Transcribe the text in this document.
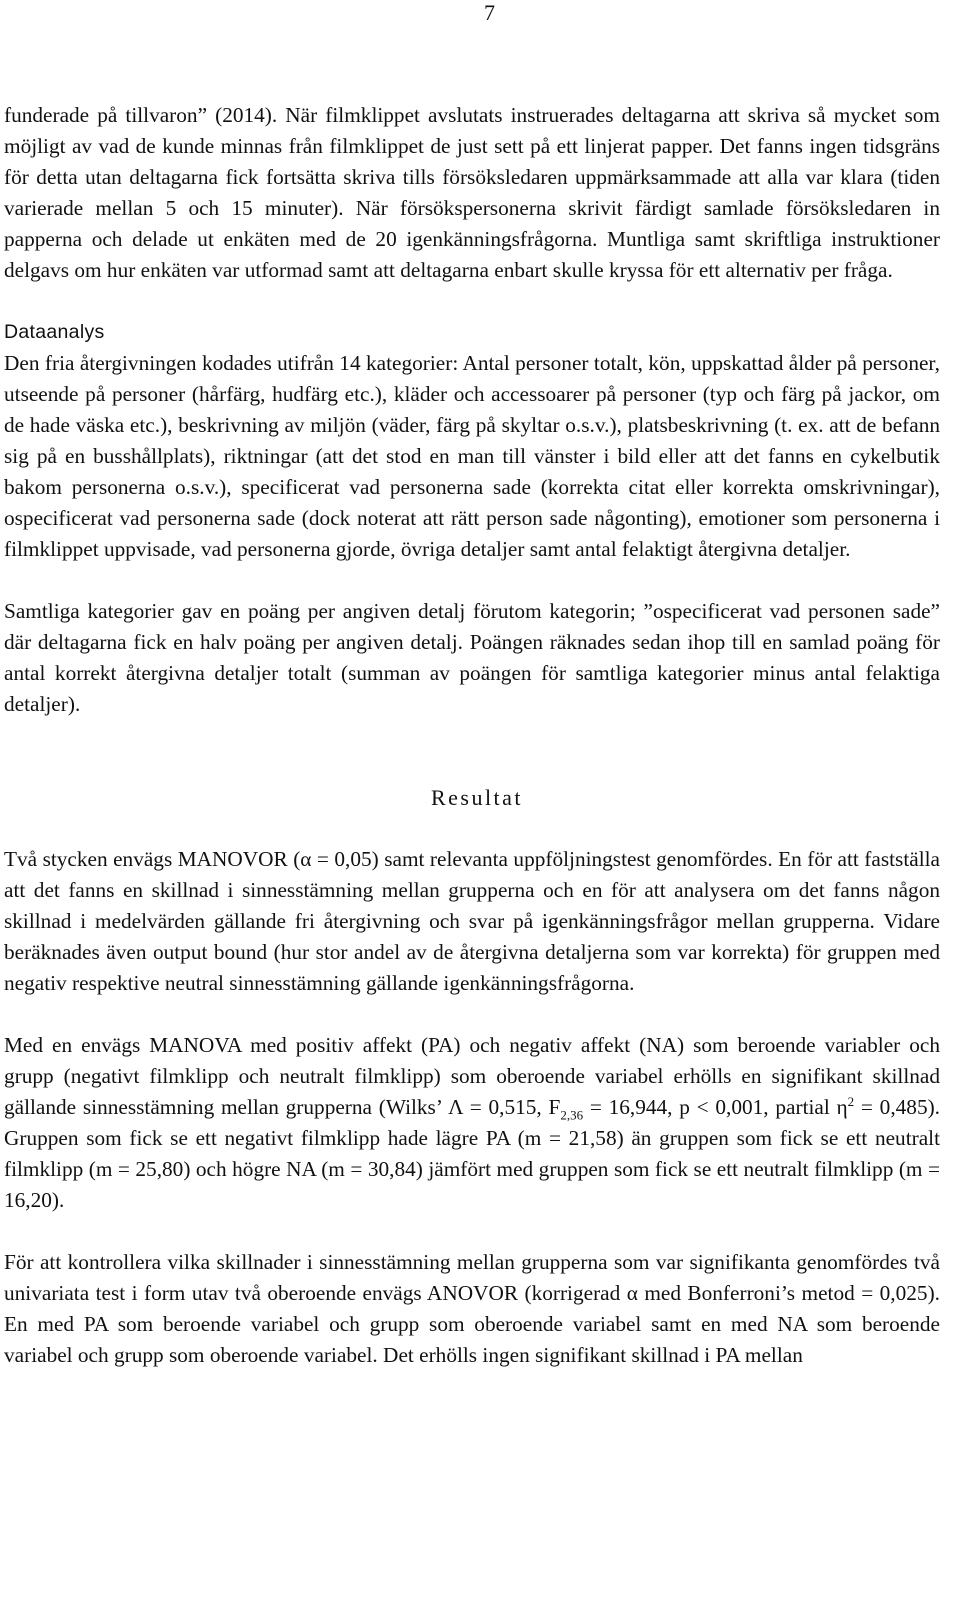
7

funderade på tillvaron” (2014). När filmklippet avslutats instruerades deltagarna att skriva så mycket som möjligt av vad de kunde minnas från filmklippet de just sett på ett linjerat papper. Det fanns ingen tidsgräns för detta utan deltagarna fick fortsätta skriva tills försöksledaren uppmärksammade att alla var klara (tiden varierade mellan 5 och 15 minuter). När försökspersonerna skrivit färdigt samlade försöksledaren in papperna och delade ut enkäten med de 20 igenkänningsfrågorna. Muntliga samt skriftliga instruktioner delgavs om hur enkäten var utformad samt att deltagarna enbart skulle kryssa för ett alternativ per fråga.

Dataanalys

Den fria återgivningen kodades utifrån 14 kategorier: Antal personer totalt, kön, uppskattad ålder på personer, utseende på personer (hårfärg, hudfärg etc.), kläder och accessoarer på personer (typ och färg på jackor, om de hade väska etc.), beskrivning av miljön (väder, färg på skyltar o.s.v.), platsbeskrivning (t. ex. att de befann sig på en busshållplats), riktningar (att det stod en man till vänster i bild eller att det fanns en cykelbutik bakom personerna o.s.v.), specificerat vad personerna sade (korrekta citat eller korrekta omskrivningar), ospecificerat vad personerna sade (dock noterat att rätt person sade någonting), emotioner som personerna i filmklippet uppvisade, vad personerna gjorde, övriga detaljer samt antal felaktigt återgivna detaljer.

Samtliga kategorier gav en poäng per angiven detalj förutom kategorin; ”ospecificerat vad personen sade” där deltagarna fick en halv poäng per angiven detalj. Poängen räknades sedan ihop till en samlad poäng för antal korrekt återgivna detaljer totalt (summan av poängen för samtliga kategorier minus antal felaktiga detaljer).

Resultat

Två stycken envägs MANOVOR (α = 0,05) samt relevanta uppföljningstest genomfördes. En för att fastställa att det fanns en skillnad i sinnesstämning mellan grupperna och en för att analysera om det fanns någon skillnad i medelvärden gällande fri återgivning och svar på igenkänningsfrågor mellan grupperna. Vidare beräknades även output bound (hur stor andel av de återgivna detaljerna som var korrekta) för gruppen med negativ respektive neutral sinnesstämning gällande igenkänningsfrågorna.

Med en envägs MANOVA med positiv affekt (PA) och negativ affekt (NA) som beroende variabler och grupp (negativt filmklipp och neutralt filmklipp) som oberoende variabel erhölls en signifikant skillnad gällande sinnesstämning mellan grupperna (Wilks’ Λ = 0,515, $F_{2,36} = 16,944$, p < 0,001, partial $\eta^2 = 0,485$). Gruppen som fick se ett negativt filmklipp hade lägre PA (m = 21,58) än gruppen som fick se ett neutralt filmklipp (m = 25,80) och högre NA (m = 30,84) jämfört med gruppen som fick se ett neutralt filmklipp (m = 16,20).

För att kontrollera vilka skillnader i sinnesstämning mellan grupperna som var signifikanta genomfördes två univariata test i form utav två oberoende envägs ANOVOR (korrigerad α med Bonferroni’s metod = 0,025). En med PA som beroende variabel och grupp som oberoende variabel samt en med NA som beroende variabel och grupp som oberoende variabel. Det erhölls ingen signifikant skillnad i PA mellan
